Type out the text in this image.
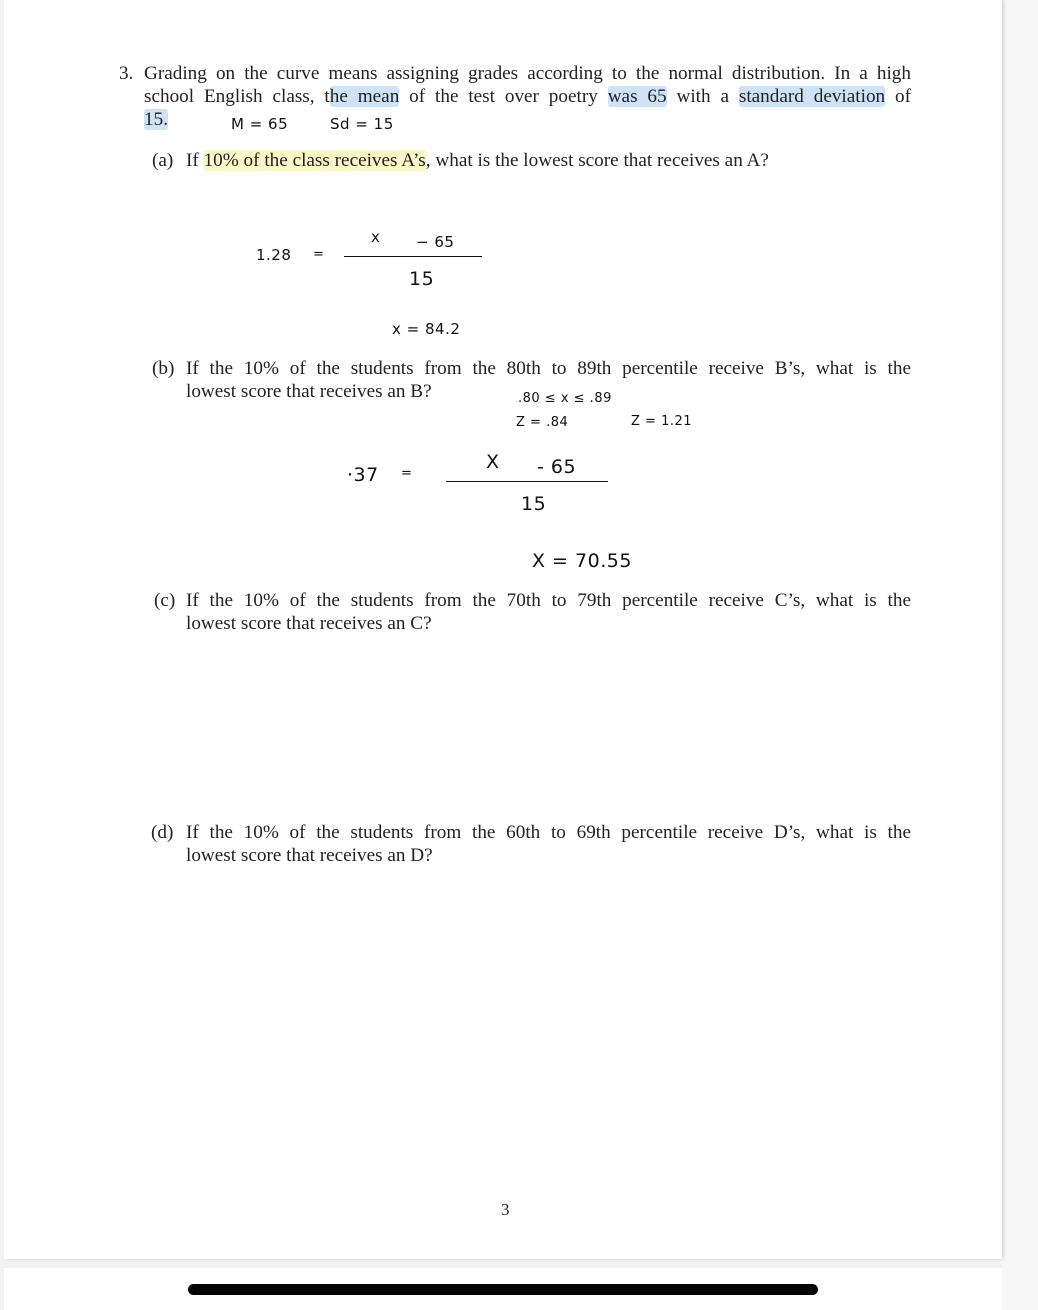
3. Grading on the curve means assigning grades according to the normal distribution. In a high
school English class, the mean of the test over poetry was 65 with a standard deviation of
15.	M = 65	Sd = 15
(a) If 10% of the class receives A’s, what is the lowest score that receives an A?
1.28 =
x − 65
15
x = 84.2
(b) If the 10% of the students from the 80th to 89th percentile receive B’s, what is the
lowest score that receives an B?	.80 ≤ x ≤ .89
Z = .84	Z = 1.21
·37 =
X - 65
15
X = 70.55
(c) If the 10% of the students from the 70th to 79th percentile receive C’s, what is the
lowest score that receives an C?
(d) If the 10% of the students from the 60th to 69th percentile receive D’s, what is the
lowest score that receives an D?
3
